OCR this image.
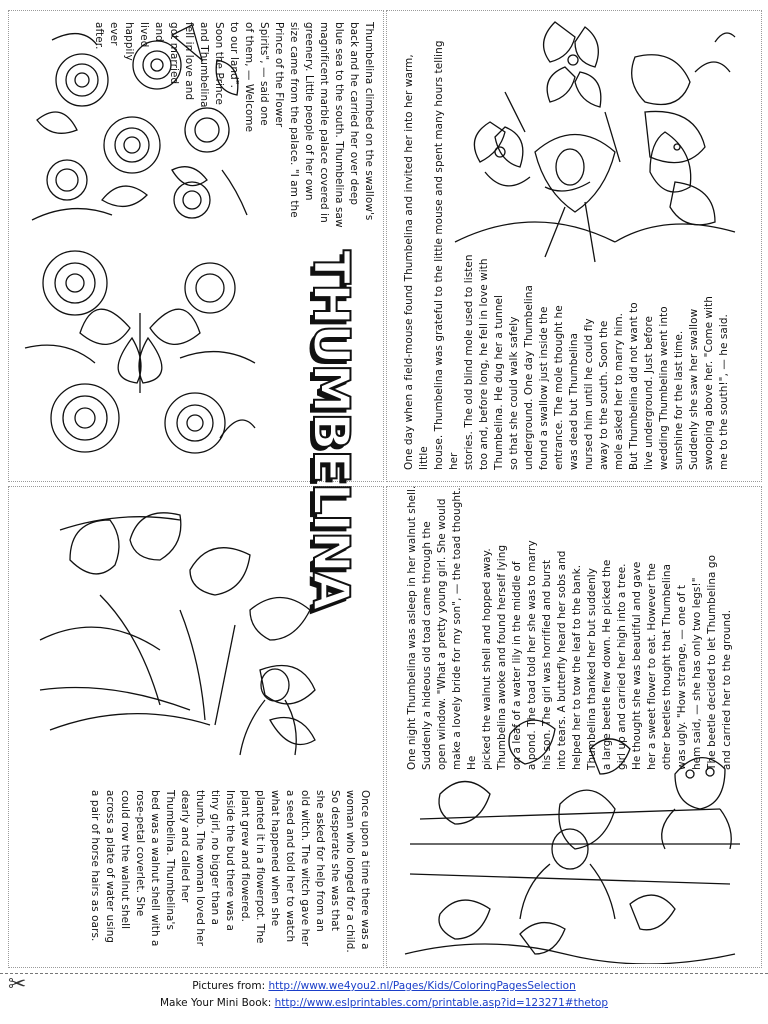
Thumbelina climbed on the swallow's
back and he carried her over deep
blue sea to the south. Thumbelina saw
magnificent marble palace covered in
greenery. Little people of her own
size came from the palace. "I am the
Prince of the Flower
Spirits", — said one
of them, — Welcome
to our land".
Soon the Prince
and Thumbelina
fell in love and
got married
and
lived
happily
ever
after.
THUMBELINA	One day when a field-mouse found Thumbelina and invited her into her warm, little
house. Thumbelina was grateful to the little mouse and spent many hours telling her
stories. The old blind mole used to listen
too and, before long, he fell in love with
Thumbelina. He dug her a tunnel
so that she could walk safely
underground. One day Thumbelina
found a swallow just inside the
entrance. The mole thought he
was dead but Thumbelina
nursed him until he could fly
away to the south. Soon the
mole asked her to marry him.
But Thumbelina did not want to
live underground. Just before
wedding Thumbelina went into
sunshine for the last time.
Suddenly she saw her swallow
swooping above her. "Come with
me to the south!", — he said.
Once upon a time there was a
woman who longed for a child.
So desperate she was that
she asked for help from an
old witch. The witch gave her
a seed and told her to watch
what happened when she
planted it in a flowerpot. The
plant grew and flowered.
Inside the bud there was a
tiny girl, no bigger than a
thumb. The woman loved her
dearly and called her
Thumbelina. Thumbelina's
bed was a walnut shell with a
rose-petal coverlet. She
could row the walnut shell
across a plate of water using
a pair of horse hairs as oars.
One night Thumbelina was asleep in her walnut shell.
Suddenly a hideous old toad came through the
open window. "What a pretty young girl. She would
make a lovely bride for my son", — the toad thought. He
picked the walnut shell and hopped away.
Thumbelina awoke and found herself lying
on a leaf of a water lily in the middle of
a pond. The toad told her she was to marry
his son. The girl was horrified and burst
into tears. A butterfly heard her sobs and
helped her to tow the leaf to the bank.
Thumbelina thanked her but suddenly
a large beetle flew down. He picked the
girl up and carried her high into a tree.
He thought she was beautiful and gave
her a sweet flower to eat. However the
other beetles thought that Thumbelina
was ugly. "How strange, — one of t
hem said, — she has only two legs!"
The beetle decided to let Thumbelina go
and carried her to the ground.
✂	Pictures from: http://www.we4you2.nl/Pages/Kids/ColoringPagesSelection
Make Your Mini Book: http://www.eslprintables.com/printable.asp?id=123271#thetop
